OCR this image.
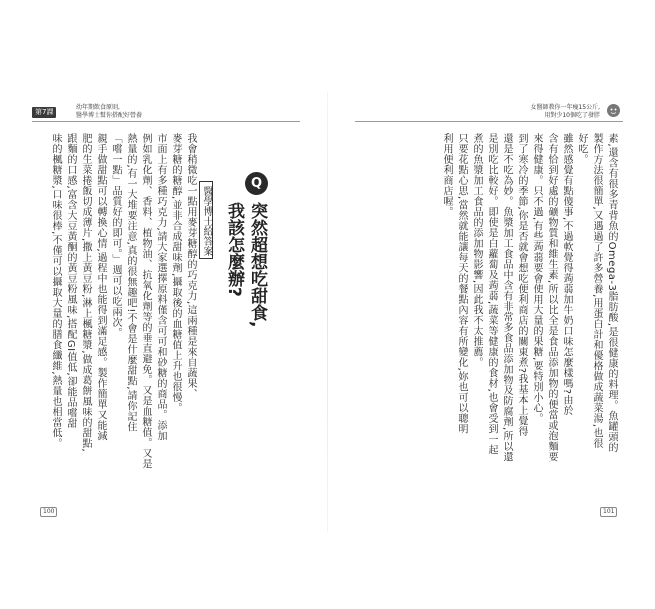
第7課
幼年期飲食原則,
醫學博士幫你搭配好營養
女醫師教你一年瘦15公斤,
用對少10個吃了發胖
Q
突然超想吃甜食,
我該怎麼辦?
醫學博士給答案
我會稍微吃一點用麥芽糖醇的巧克力,這兩種是來自蔬果、
麥芽糖的糖醇,並非合成甜味劑,攝取後的血糖值上升也很慢。
市面上有多種巧克力,請大家選擇原料僅含可可和砂糖的商品。添加
例如乳化劑、香料、植物油、抗氧化劑等的垂直避免。又是血糖值。又是
熱量的,有一大堆要注意,真的很無趣吧!不會是什麼甜點,請你記住
「嚐一點」品質好的即可。」週可以吃兩次。
親手做甜點可以轉換心情,過程中也能得到滿足感。製作簡單又能減
肥的生菜捲飯切成薄片,撒上黃豆粉,淋上楓糖漿,做成葛餅風味的甜點,
跟麵的口感,富含大豆黃酮的黃豆粉風味,搭配GI值低,卻能品嚐甜
味的楓糖漿,口味很棒,不僅可以攝取大量的膳食纖維,熱量也相當低。	素,還含有很多青背魚的Omega-3脂肪酸,是很健康的料理。魚罐頭的
製作方法很簡單,又遇過了許多營養,用蛋白計和優格做成蔬菜湯,也很
好吃。
雖然感覺有點傻事,不過軟覺得蒟蒻加牛奶口味怎麼樣嗎?由於
含有恰到好處的礦物質和維生素,所以比全是食品添加物的便當或泡麵要
來得健康。只不過,有些蒟蒻要會使用大量的果糖,要特別小心。
到了寒冷的季節,你是否就會想吃便利商店的關東煮?我基本上覺得
還是不吃為妙。魚漿加工食品中含有非常多食品添加物及防腐劑,所以還
是別吃比較好。即使是白蘿蔔及蒟蒻,蔬菜等健康的食材,也會受到一起
煮的魚漿加工食品的添加物影響,因此我不太推薦。
只要花點心思,當然就能讓每天的餐點內容有所變化,妳也可以聰明
利用便利商店喔。
100	101
